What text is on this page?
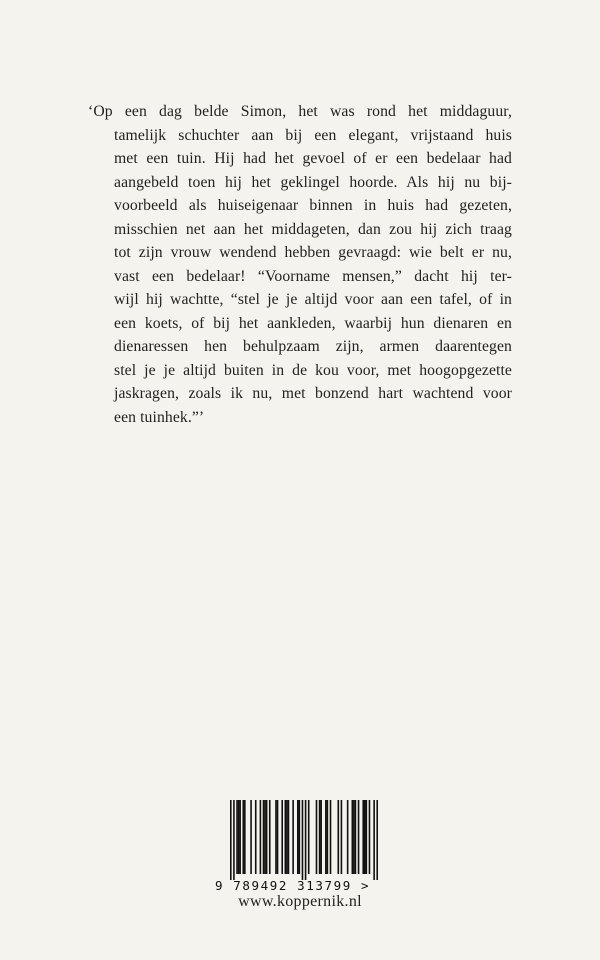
‘Op een dag belde Simon, het was rond het middaguur,
tamelijk schuchter aan bij een elegant, vrijstaand huis
met een tuin. Hij had het gevoel of er een bedelaar had
aangebeld toen hij het geklingel hoorde. Als hij nu bij-
voorbeeld als huiseigenaar binnen in huis had gezeten,
misschien net aan het middageten, dan zou hij zich traag
tot zijn vrouw wendend hebben gevraagd: wie belt er nu,
vast een bedelaar! “Voorname mensen,” dacht hij ter-
wijl hij wachtte, “stel je je altijd voor aan een tafel, of in
een koets, of bij het aankleden, waarbij hun dienaren en
dienaressen hen behulpzaam zijn, armen daarentegen
stel je je altijd buiten in de kou voor, met hoogopgezette
jaskragen, zoals ik nu, met bonzend hart wachtend voor
een tuinhek.”’
9 789492 313799 >
www.koppernik.nl
